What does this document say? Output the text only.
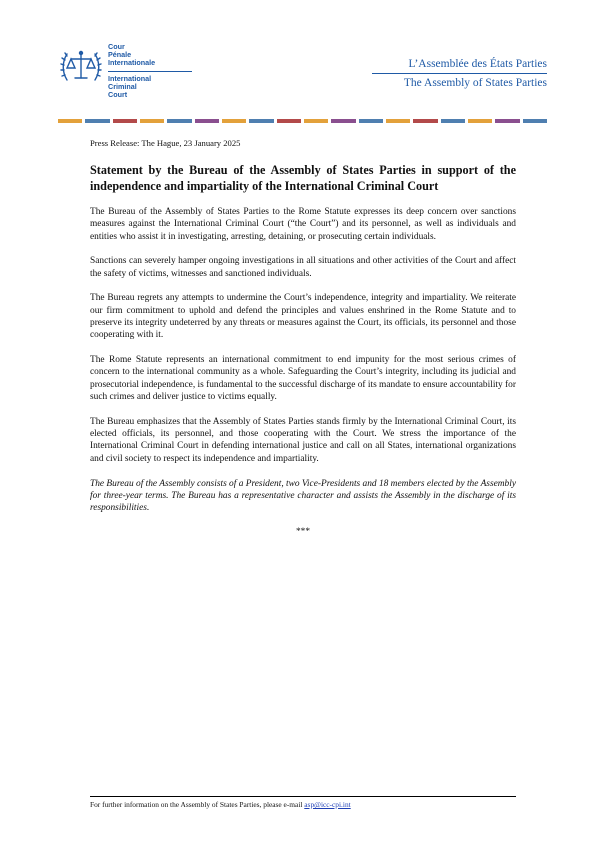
Cour
Pénale
Internationale
International
Criminal
Court
L’Assemblée des États Parties
The Assembly of States Parties

Press Release: The Hague, 23 January 2025

Statement by the Bureau of the Assembly of States Parties in support of the independence and impartiality of the International Criminal Court

The Bureau of the Assembly of States Parties to the Rome Statute expresses its deep concern over sanctions measures against the International Criminal Court (“the Court”) and its personnel, as well as individuals and entities who assist it in investigating, arresting, detaining, or prosecuting certain individuals.

Sanctions can severely hamper ongoing investigations in all situations and other activities of the Court and affect the safety of victims, witnesses and sanctioned individuals.

The Bureau regrets any attempts to undermine the Court’s independence, integrity and impartiality. We reiterate our firm commitment to uphold and defend the principles and values enshrined in the Rome Statute and to preserve its integrity undeterred by any threats or measures against the Court, its officials, its personnel and those cooperating with it.

The Rome Statute represents an international commitment to end impunity for the most serious crimes of concern to the international community as a whole. Safeguarding the Court’s integrity, including its judicial and prosecutorial independence, is fundamental to the successful discharge of its mandate to ensure accountability for such crimes and deliver justice to victims equally.

The Bureau emphasizes that the Assembly of States Parties stands firmly by the International Criminal Court, its elected officials, its personnel, and those cooperating with the Court. We stress the importance of the International Criminal Court in defending international justice and call on all States, international organizations and civil society to respect its independence and impartiality.

The Bureau of the Assembly consists of a President, two Vice-Presidents and 18 members elected by the Assembly for three-year terms. The Bureau has a representative character and assists the Assembly in the discharge of its responsibilities.

***
For further information on the Assembly of States Parties, please e-mail asp@icc-cpi.int
